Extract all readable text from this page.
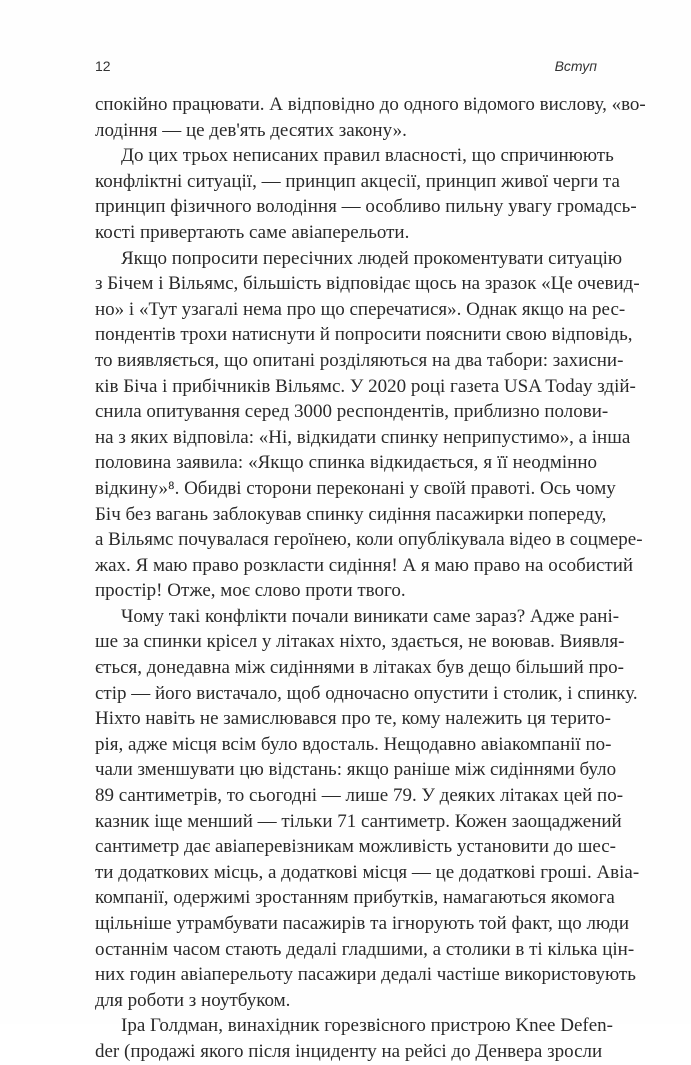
12	Вступ
спокійно працювати. А відповідно до одного відомого вислову, «во-
лодіння — це дев'ять десятих закону».
До цих трьох неписаних правил власності, що спричинюють
конфліктні ситуації, — принцип акцесії, принцип живої черги та
принцип фізичного володіння — особливо пильну увагу громадсь-
кості привертають саме авіаперельоти.
Якщо попросити пересічних людей прокоментувати ситуацію
з Бічем і Вільямс, більшість відповідає щось на зразок «Це очевид-
но» і «Тут узагалі нема про що сперечатися». Однак якщо на рес-
пондентів трохи натиснути й попросити пояснити свою відповідь,
то виявляється, що опитані розділяються на два табори: захисни-
ків Біча і прибічників Вільямс. У 2020 році газета USA Today здій-
снила опитування серед 3000 респондентів, приблизно полови-
на з яких відповіла: «Ні, відкидати спинку неприпустимо», а інша
половина заявила: «Якщо спинка відкидається, я її неодмінно
відкину»⁸. Обидві сторони переконані у своїй правоті. Ось чому
Біч без вагань заблокував спинку сидіння пасажирки попереду,
а Вільямс почувалася героїнею, коли опублікувала відео в соцмере-
жах. Я маю право розкласти сидіння! А я маю право на особистий
простір! Отже, моє слово проти твого.
Чому такі конфлікти почали виникати саме зараз? Адже рані-
ше за спинки крісел у літаках ніхто, здається, не воював. Виявля-
ється, донедавна між сидіннями в літаках був дещо більший про-
стір — його вистачало, щоб одночасно опустити і столик, і спинку.
Ніхто навіть не замислювався про те, кому належить ця терито-
рія, адже місця всім було вдосталь. Нещодавно авіакомпанії по-
чали зменшувати цю відстань: якщо раніше між сидіннями було
89 сантиметрів, то сьогодні — лише 79. У деяких літаках цей по-
казник іще менший — тільки 71 сантиметр. Кожен заощаджений
сантиметр дає авіаперевізникам можливість установити до шес-
ти додаткових місць, а додаткові місця — це додаткові гроші. Авіа-
компанії, одержимі зростанням прибутків, намагаються якомога
щільніше утрамбувати пасажирів та ігнорують той факт, що люди
останнім часом стають дедалі гладшими, а столики в ті кілька цін-
них годин авіаперельоту пасажири дедалі частіше використовують
для роботи з ноутбуком.
Іра Голдман, винахідник горезвісного пристрою Knee Defen-
der (продажі якого після інциденту на рейсі до Денвера зросли
